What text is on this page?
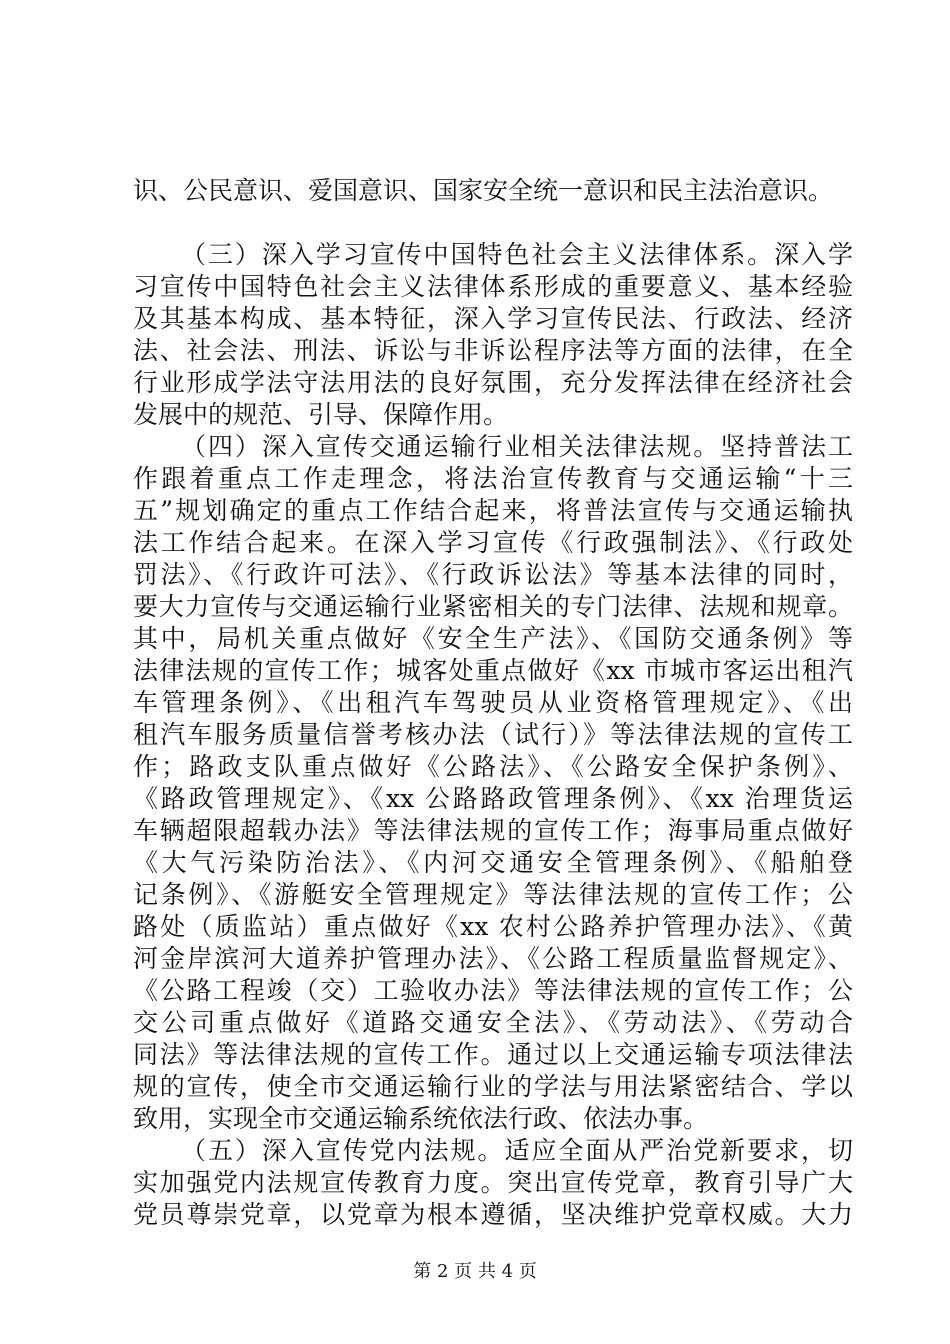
识、公民意识、爱国意识、国家安全统一意识和民主法治意识。
（三）深入学习宣传中国特色社会主义法律体系。深入学
习宣传中国特色社会主义法律体系形成的重要意义、基本经验
及其基本构成、基本特征，深入学习宣传民法、行政法、经济
法、社会法、刑法、诉讼与非诉讼程序法等方面的法律，在全
行业形成学法守法用法的良好氛围，充分发挥法律在经济社会
发展中的规范、引导、保障作用。
（四）深入宣传交通运输行业相关法律法规。坚持普法工
作跟着重点工作走理念，将法治宣传教育与交通运输“十三
五”规划确定的重点工作结合起来，将普法宣传与交通运输执
法工作结合起来。在深入学习宣传《行政强制法》、《行政处
罚法》、《行政许可法》、《行政诉讼法》等基本法律的同时，
要大力宣传与交通运输行业紧密相关的专门法律、法规和规章。
其中，局机关重点做好《安全生产法》、《国防交通条例》等
法律法规的宣传工作；城客处重点做好《xx 市城市客运出租汽
车管理条例》、《出租汽车驾驶员从业资格管理规定》、《出
租汽车服务质量信誉考核办法（试行）》等法律法规的宣传工
作；路政支队重点做好《公路法》、《公路安全保护条例》、
《路政管理规定》、《xx 公路路政管理条例》、《xx 治理货运
车辆超限超载办法》等法律法规的宣传工作；海事局重点做好
《大气污染防治法》、《内河交通安全管理条例》、《船舶登
记条例》、《游艇安全管理规定》等法律法规的宣传工作；公
路处（质监站）重点做好《xx 农村公路养护管理办法》、《黄
河金岸滨河大道养护管理办法》、《公路工程质量监督规定》、
《公路工程竣（交）工验收办法》等法律法规的宣传工作；公
交公司重点做好《道路交通安全法》、《劳动法》、《劳动合
同法》等法律法规的宣传工作。通过以上交通运输专项法律法
规的宣传，使全市交通运输行业的学法与用法紧密结合、学以
致用，实现全市交通运输系统依法行政、依法办事。
（五）深入宣传党内法规。适应全面从严治党新要求，切
实加强党内法规宣传教育力度。突出宣传党章，教育引导广大
党员尊崇党章，以党章为根本遵循，坚决维护党章权威。大力
第 2 页 共 4 页
